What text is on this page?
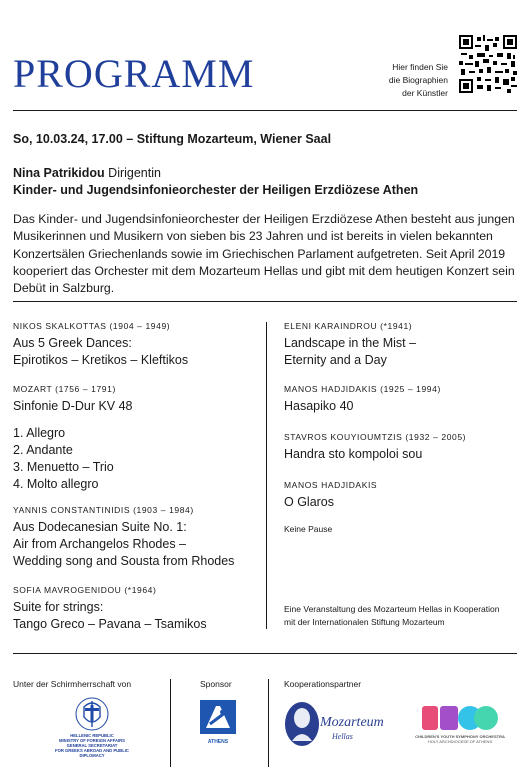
PROGRAMM	Hier finden Sie
die Biographien
der Künstler
So, 10.03.24, 17.00 – Stiftung Mozarteum, Wiener Saal
Nina Patrikidou Dirigentin
Kinder- und Jugendsinfonieorchester der Heiligen Erzdiözese Athen
Das Kinder- und Jugendsinfonieorchester der Heiligen Erzdiözese Athen besteht aus jungen Musikerinnen und Musikern von sieben bis 23 Jahren und ist bereits in vielen bekannten Konzertsälen Griechenlands sowie im Griechischen Parlament aufgetreten. Seit April 2019 kooperiert das Orchester mit dem Mozarteum Hellas und gibt mit dem heutigen Konzert sein Debüt in Salzburg.
NIKOS SKALKOTTAS (1904 – 1949)
Aus 5 Greek Dances:
Epirotikos – Kretikos – Kleftikos
MOZART (1756 – 1791)
Sinfonie D-Dur KV 48
1. Allegro
2. Andante
3. Menuetto – Trio
4. Molto allegro
YANNIS CONSTANTINIDIS (1903 – 1984)
Aus Dodecanesian Suite No. 1:
Air from Archangelos Rhodes –
Wedding song and Sousta from Rhodes
SOFIA MAVROGENIDOU (*1964)
Suite for strings:
Tango Greco – Pavana – Tsamikos
ELENI KARAINDROU (*1941)
Landscape in the Mist –
Eternity and a Day
MANOS HADJIDAKIS (1925 – 1994)
Hasapiko 40
STAVROS KOUYIOUMTZIS (1932 – 2005)
Handra sto kompoloi sou
MANOS HADJIDAKIS
O Glaros
Keine Pause
Eine Veranstaltung des Mozarteum Hellas in Kooperation
mit der Internationalen Stiftung Mozarteum
Unter der Schirmherrschaft von	Sponsor	Kooperationspartner
HELLENIC REPUBLIC
MINISTRY OF FOREIGN AFFAIRS
GENERAL SECRETARIAT
FOR GREEKS ABROAD AND PUBLIC DIPLOMACY
ATHENS
Mozarteum
Hellas	CHILDREN'S YOUTH SYMPHONY ORCHESTRA
HOLY ARCHDIOCESE OF ATHENS
